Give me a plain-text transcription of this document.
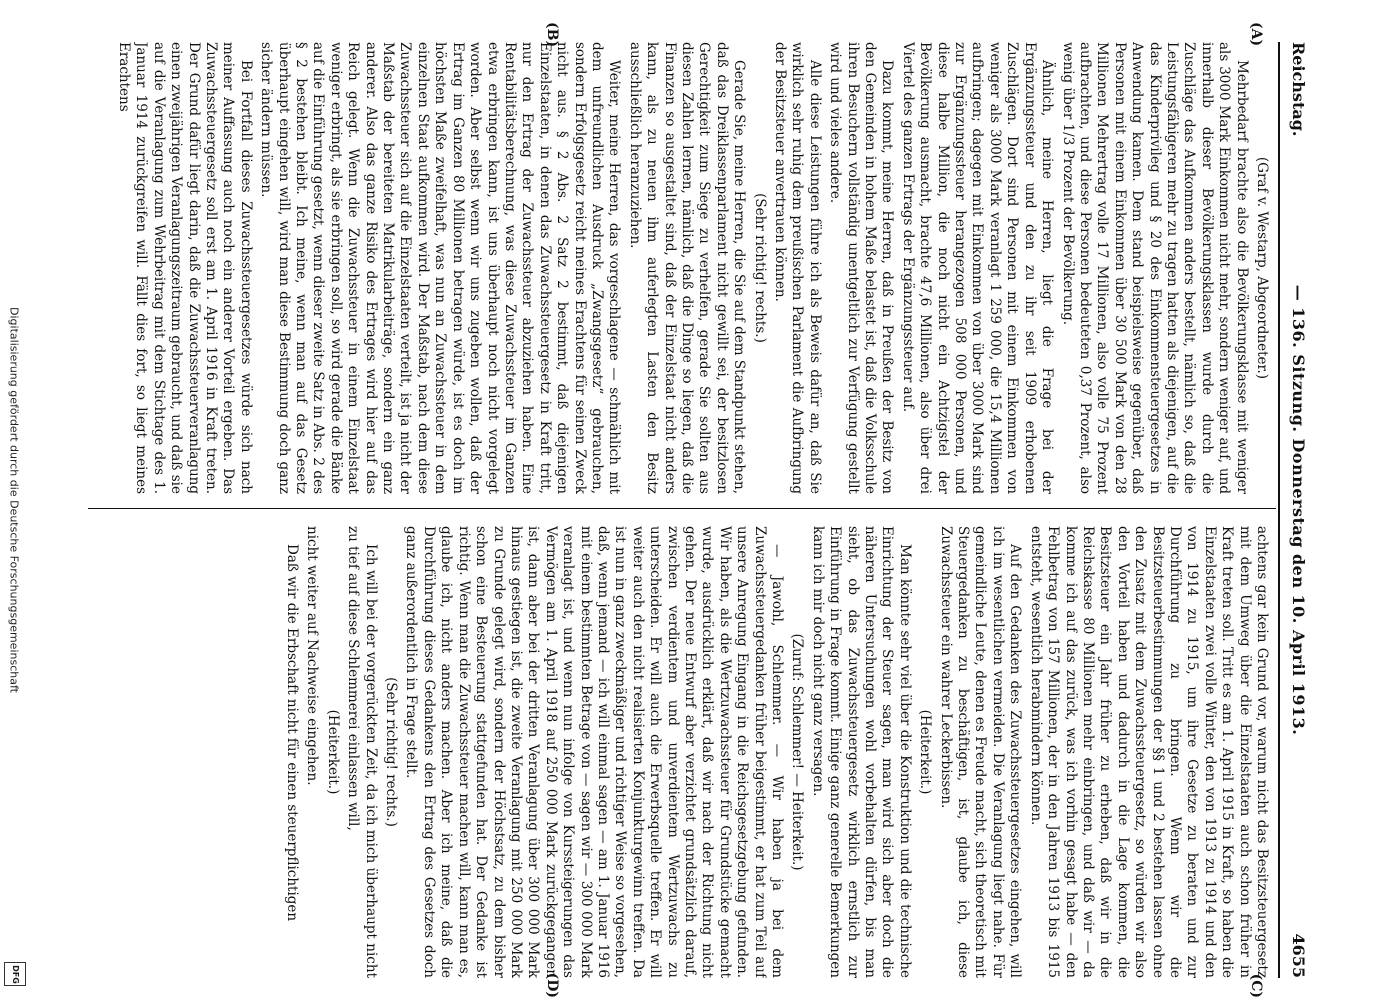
Digitalisierung gefördert durch die Deutsche Forschungsgemeinschaft
DFG
Reichstag.
— 136. Sitzung. Donnerstag den 10. April 1913.
4655
(A)
(B)
(C)
(D)

(Graf v. Westarp, Abgeordneter.)

Mehrbedarf brachte also die Bevölkerungsklasse mit weniger als 3000 Mark Einkommen nicht mehr, sondern weniger auf, und innerhalb dieser Bevölkerungsklassen wurde durch die Zuschläge das Aufkommen anders bestellt, nämlich so, daß die Leistungsfähigeren mehr zu tragen hatten als diejenigen, auf die das Kinderprivileg und § 20 des Einkommensteuergesetzes in Anwendung kamen. Dem stand beispielsweise gegenüber, daß Personen mit einem Einkommen über 30 500 Mark von den 28 Millionen Mehrertrag volle 17 Millionen, also volle 75 Prozent aufbrachten, und diese Personen bedeuteten 0,37 Prozent, also wenig über 1/3 Prozent der Bevölkerung.

Ähnlich, meine Herren, liegt die Frage bei der Ergänzungssteuer und den zu ihr seit 1909 erhobenen Zuschlägen. Dort sind Personen mit einem Einkommen von weniger als 3000 Mark veranlagt 1 259 000, die 15,4 Millionen aufbringen; dagegen mit Einkommen von über 3000 Mark sind zur Ergänzungssteuer herangezogen 508 000 Personen, und diese halbe Million, die noch nicht ein Achtzigstel der Bevölkerung ausmacht, brachte 47,6 Millionen, also über drei Viertel des ganzen Ertrags der Ergänzungssteuer auf.

Dazu kommt, meine Herren, daß in Preußen der Besitz von den Gemeinden in hohem Maße belastet ist, daß die Volksschule ihren Besuchern vollständig unentgeltlich zur Verfügung gestellt wird und vieles andere.

Alle diese Leistungen führe ich als Beweis dafür an, daß Sie wirklich sehr ruhig dem preußischen Parlament die Aufbringung der Besitzsteuer anvertrauen können.

(Sehr richtig! rechts.)

Gerade Sie, meine Herren, die Sie auf dem Standpunkt stehen, daß das Dreiklassenparlament nicht gewillt sei, der besitzlosen Gerechtigkeit zum Siege zu verhelfen, gerade Sie sollten aus diesen Zahlen lernen, nämlich, daß die Dinge so liegen, daß die Finanzen so ausgestaltet sind, daß der Einzelstaat nicht anders kann, als zu neuen ihm auferlegten Lasten den Besitz ausschließlich heranzuziehen.

Weiter, meine Herren, das vorgeschlagene — schmählich mit dem unfreundlichen Ausdruck „Zwangsgesetz“ gebrauchen, sondern Erfolgsgesetz reicht meines Erachtens für seinen Zweck nicht aus. § 2 Abs. 2 Satz 2 bestimmt, daß diejenigen Einzelstaaten, in denen das Zuwachssteuergesetz in Kraft tritt, nur den Ertrag der Zuwachssteuer abzuziehen haben. Eine Rentabilitätsberechnung, was diese Zuwachssteuer im Ganzen etwa erbringen kann, ist uns überhaupt noch nicht vorgelegt worden. Aber selbst wenn wir uns zugeben wollen, daß der Ertrag im Ganzen 80 Millionen betragen würde, ist es doch im höchsten Maße zweifelhaft, was nun an Zuwachssteuer in dem einzelnen Staat aufkommen wird. Der Maßstab, nach dem diese Zuwachssteuer sich auf die Einzelstaaten verteilt, ist ja nicht der Maßstab der bereiteten Matrikularbeiträge, sondern ein ganz anderer. Also das ganze Risiko des Ertrages wird hier auf das Reich gelegt. Wenn die Zuwachssteuer in einem Einzelstaat weniger erbringt, als sie erbringen soll, so wird gerade die Bänke auf die Einführung gesetzt, wenn dieser zweite Satz in Abs. 2 des § 2 bestehen bleibt. Ich meine, wenn man auf das Gesetz überhaupt eingehen will, wird man diese Bestimmung doch ganz sicher ändern müssen.

Bei Fortfall dieses Zuwachssteuergesetzes würde sich nach meiner Auffassung auch noch ein anderer Vorteil ergeben. Das Zuwachssteuergesetz soll erst am 1. April 1916 in Kraft treten. Der Grund dafür liegt darin, daß die Zuwachssteuerveranlagung einen zweijährigen Veranlagungszeitraum gebraucht, und daß sie auf die Veranlagung zum Wehrbeitrag mit dem Stichtage des 1. Januar 1914 zurückgreifen will. Fällt dies fort, so liegt meines Erachtens

achtens gar kein Grund vor, warum nicht das Besitzsteuergesetz mit dem Umweg über die Einzelstaaten auch schon früher in Kraft treten soll. Tritt es am 1. April 1915 in Kraft, so haben die Einzelstaaten zwei volle Winter, den von 1913 zu 1914 und den von 1914 zu 1915, um ihre Gesetze zu beraten und zur Durchführung zu bringen. Wenn wir die Besitzsteuerbestimmungen der §§ 1 und 2 bestehen lassen ohne den Zusatz mit dem Zuwachssteuergesetz, so würden wir also den Vorteil haben und dadurch in die Lage kommen, die Besitzsteuer ein Jahr früher zu erheben, daß wir in die Reichskasse 80 Millionen mehr einbringen, und daß wir — da komme ich auf das zurück, was ich vorhin gesagt habe — den Fehlbetrag von 157 Millionen, der in den Jahren 1913 bis 1915 entsteht, wesentlich herabmindern können.

Auf den Gedanken des Zuwachssteuergesetzes eingehen, will ich im wesentlichen vermeiden. Die Veranlagung liegt nahe. Für gemeindliche Leute, denen es Freude macht, sich theoretisch mit Steuergedanken zu beschäftigen, ist, glaube ich, diese Zuwachssteuer ein wahrer Leckerbissen.

(Heiterkeit.)

Man könnte sehr viel über die Konstruktion und die technische Einrichtung der Steuer sagen, man wird sich aber doch die näheren Untersuchungen wohl vorbehalten dürfen, bis man sieht, ob das Zuwachssteuergesetz wirklich ernstlich zur Einführung in Frage kommt. Einige ganz generelle Bemerkungen kann ich mir doch nicht ganz versagen.

(Zuruf: Schlemmer! — Heiterkeit.)

— Jawohl, Schlemmer. — Wir haben ja bei dem Zuwachssteuergedanken früher beigestimmt, er hat zum Teil auf unsere Anregung Eingang in die Reichsgesetzgebung gefunden. Wir haben, als die Wertzuwachssteuer für Grundstücke gemacht wurde, ausdrücklich erklärt, daß wir nach der Richtung nicht gehen. Der neue Entwurf aber verzichtet grundsätzlich darauf, zwischen verdientem und unverdientem Wertzuwachs zu unterscheiden. Er will auch die Erwerbsquelle treffen. Er will weiter auch den nicht realisierten Konjunkturgewinn treffen. Da ist nun in ganz zweckmäßiger und richtiger Weise so vorgesehen, daß, wenn jemand — ich will einmal sagen — am 1. Januar 1916 mit einem bestimmten Betrage von — sagen wir — 300 000 Mark veranlagt ist, und wenn nun infolge von Kurssteigerungen das Vermögen am 1. April 1918 auf 250 000 Mark zurückgegangen ist, dann aber bei der dritten Veranlagung über 300 000 Mark hinaus gestiegen ist, die zweite Veranlagung mit 250 000 Mark zu Grunde gelegt wird, sondern der Höchstsatz, zu dem bisher schon eine Besteuerung stattgefunden hat. Der Gedanke ist richtig. Wenn man die Zuwachssteuer machen will, kann man es, glaube ich, nicht anders machen. Aber ich meine, daß die Durchführung dieses Gedankens den Ertrag des Gesetzes doch ganz außerordentlich in Frage stellt.

(Sehr richtig! rechts.)

Ich will bei der vorgerückten Zeit, da ich mich überhaupt nicht zu tief auf diese Schlemmerei einlassen will,

(Heiterkeit.)

nicht weiter auf Nachweise eingehen.

Daß wir die Erbschaft nicht für einen steuerpflichtigen
